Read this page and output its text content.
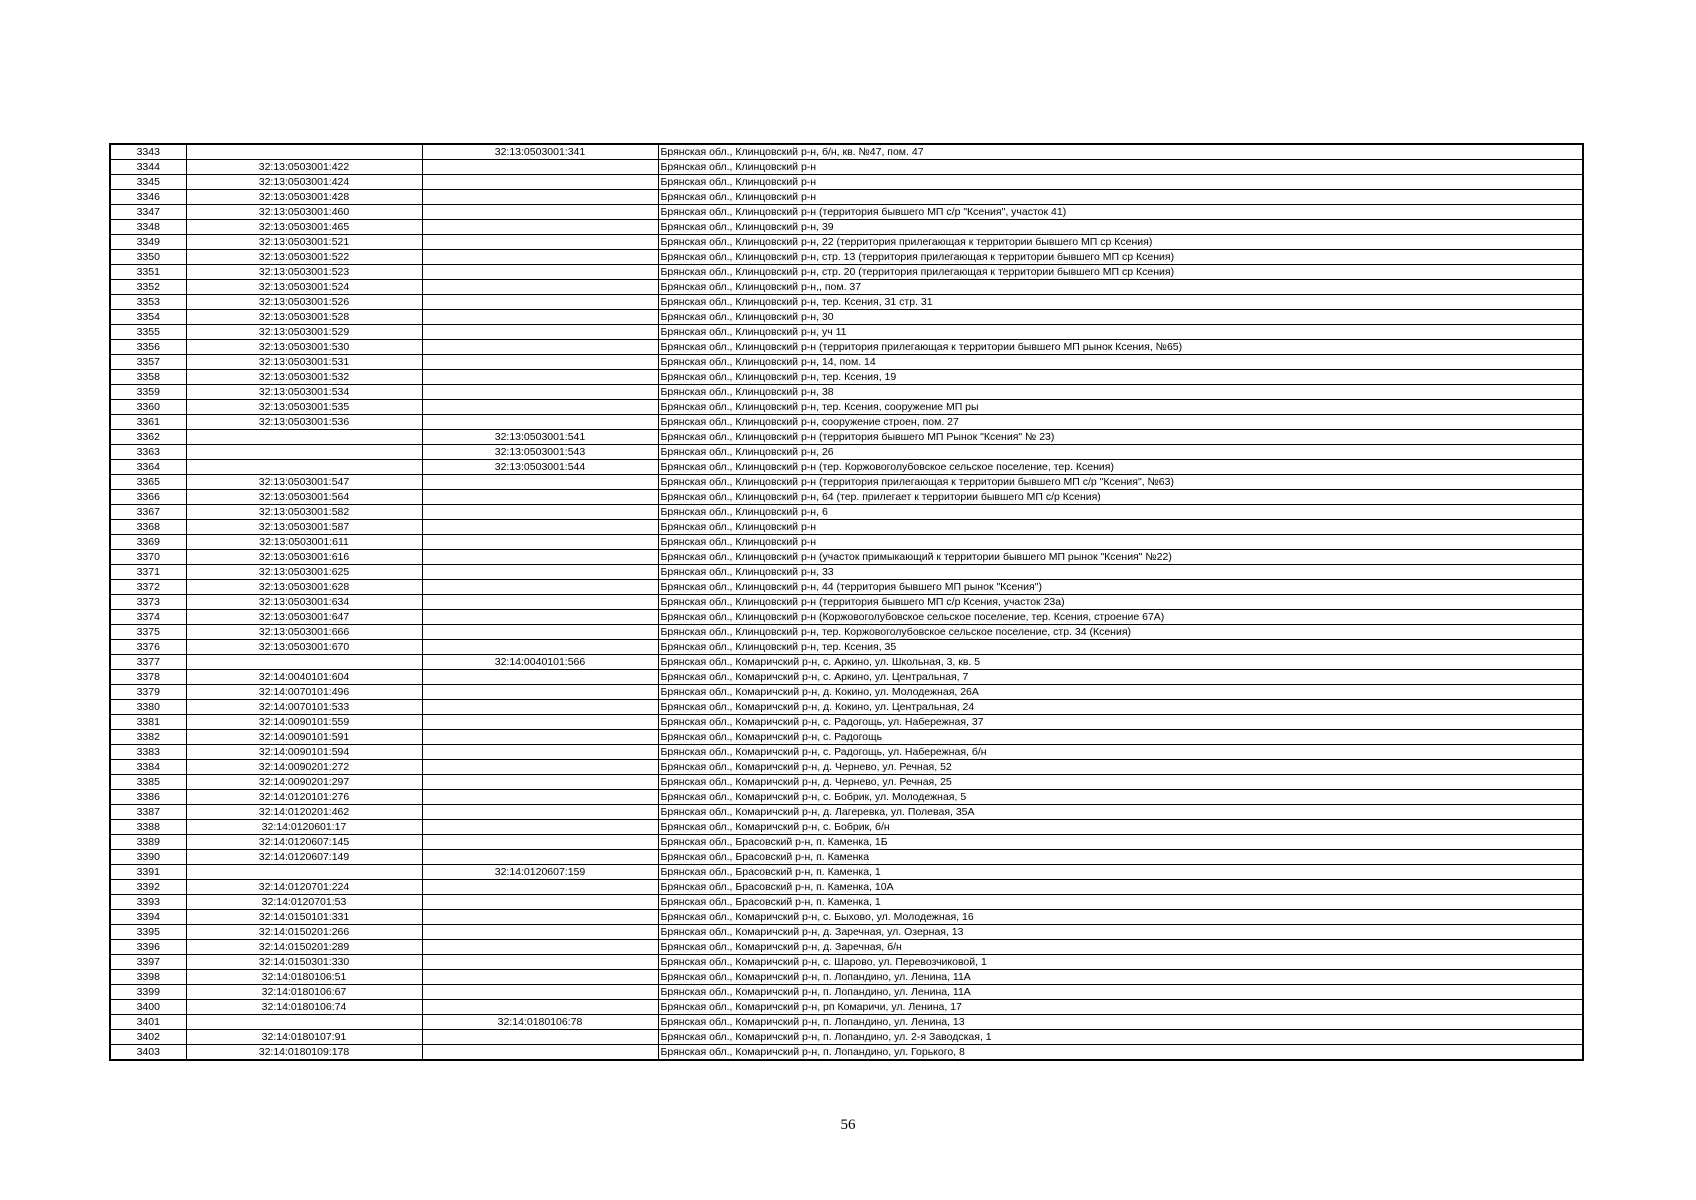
3343		32:13:0503001:341	Брянская обл., Клинцовский р-н, б/н, кв. №47, пом. 47
3344	32:13:0503001:422		Брянская обл., Клинцовский р-н
3345	32:13:0503001:424		Брянская обл., Клинцовский р-н
3346	32:13:0503001:428		Брянская обл., Клинцовский р-н
3347	32:13:0503001:460		Брянская обл., Клинцовский р-н (территория бывшего МП с/р "Ксения", участок 41)
3348	32:13:0503001:465		Брянская обл., Клинцовский р-н, 39
3349	32:13:0503001:521		Брянская обл., Клинцовский р-н, 22 (территория прилегающая к территории бывшего МП ср Ксения)
3350	32:13:0503001:522		Брянская обл., Клинцовский р-н, стр. 13 (территория прилегающая к территории бывшего МП ср Ксения)
3351	32:13:0503001:523		Брянская обл., Клинцовский р-н, стр. 20 (территория прилегающая к территории бывшего МП ср Ксения)
3352	32:13:0503001:524		Брянская обл., Клинцовский р-н,, пом. 37
3353	32:13:0503001:526		Брянская обл., Клинцовский р-н, тер. Ксения, 31 стр. 31
3354	32:13:0503001:528		Брянская обл., Клинцовский р-н, 30
3355	32:13:0503001:529		Брянская обл., Клинцовский р-н, уч 11
3356	32:13:0503001:530		Брянская обл., Клинцовский р-н (территория прилегающая к территории бывшего МП рынок Ксения, №65)
3357	32:13:0503001:531		Брянская обл., Клинцовский р-н, 14, пом. 14
3358	32:13:0503001:532		Брянская обл., Клинцовский р-н, тер. Ксения, 19
3359	32:13:0503001:534		Брянская обл., Клинцовский р-н, 38
3360	32:13:0503001:535		Брянская обл., Клинцовский р-н, тер. Ксения, сооружение МП ры
3361	32:13:0503001:536		Брянская обл., Клинцовский р-н, сооружение строен, пом. 27
3362		32:13:0503001:541	Брянская обл., Клинцовский р-н (территория бывшего МП Рынок "Ксения" № 23)
3363		32:13:0503001:543	Брянская обл., Клинцовский р-н, 26
3364		32:13:0503001:544	Брянская обл., Клинцовский р-н (тер. Коржовоголубовское сельское поселение, тер. Ксения)
3365	32:13:0503001:547		Брянская обл., Клинцовский р-н (территория прилегающая к территории бывшего МП с/р "Ксения", №63)
3366	32:13:0503001:564		Брянская обл., Клинцовский р-н, 64 (тер. прилегает к территории бывшего МП с/р Ксения)
3367	32:13:0503001:582		Брянская обл., Клинцовский р-н, 6
3368	32:13:0503001:587		Брянская обл., Клинцовский р-н
3369	32:13:0503001:611		Брянская обл., Клинцовский р-н
3370	32:13:0503001:616		Брянская обл., Клинцовский р-н (участок примыкающий к территории бывшего МП рынок "Ксения" №22)
3371	32:13:0503001:625		Брянская обл., Клинцовский р-н, 33
3372	32:13:0503001:628		Брянская обл., Клинцовский р-н, 44 (территория бывшего МП рынок "Ксения")
3373	32:13:0503001:634		Брянская обл., Клинцовский р-н (территория бывшего МП с/р Ксения, участок 23а)
3374	32:13:0503001:647		Брянская обл., Клинцовский р-н (Коржовоголубовское сельское поселение, тер. Ксения, строение 67А)
3375	32:13:0503001:666		Брянская обл., Клинцовский р-н, тер. Коржовоголубовское сельское поселение, стр. 34 (Ксения)
3376	32:13:0503001:670		Брянская обл., Клинцовский р-н, тер. Ксения, 35
3377		32:14:0040101:566	Брянская обл., Комаричский р-н, с. Аркино, ул. Школьная, 3, кв. 5
3378	32:14:0040101:604		Брянская обл., Комаричский р-н, с. Аркино, ул. Центральная, 7
3379	32:14:0070101:496		Брянская обл., Комаричский р-н, д. Кокино, ул. Молодежная, 26А
3380	32:14:0070101:533		Брянская обл., Комаричский р-н, д. Кокино, ул. Центральная, 24
3381	32:14:0090101:559		Брянская обл., Комаричский р-н, с. Радогощь, ул. Набережная, 37
3382	32:14:0090101:591		Брянская обл., Комаричский р-н, с. Радогощь
3383	32:14:0090101:594		Брянская обл., Комаричский р-н, с. Радогощь, ул. Набережная, б/н
3384	32:14:0090201:272		Брянская обл., Комаричский р-н, д. Чернево, ул. Речная, 52
3385	32:14:0090201:297		Брянская обл., Комаричский р-н, д. Чернево, ул. Речная, 25
3386	32:14:0120101:276		Брянская обл., Комаричский р-н, с. Бобрик, ул. Молодежная, 5
3387	32:14:0120201:462		Брянская обл., Комаричский р-н, д. Лагеревка, ул. Полевая, 35А
3388	32:14:0120601:17		Брянская обл., Комаричский р-н, с. Бобрик, б/н
3389	32:14:0120607:145		Брянская обл., Брасовский р-н, п. Каменка, 1Б
3390	32:14:0120607:149		Брянская обл., Брасовский р-н, п. Каменка
3391		32:14:0120607:159	Брянская обл., Брасовский р-н, п. Каменка, 1
3392	32:14:0120701:224		Брянская обл., Брасовский р-н, п. Каменка, 10А
3393	32:14:0120701:53		Брянская обл., Брасовский р-н, п. Каменка, 1
3394	32:14:0150101:331		Брянская обл., Комаричский р-н, с. Быхово, ул. Молодежная, 16
3395	32:14:0150201:266		Брянская обл., Комаричский р-н, д. Заречная, ул. Озерная, 13
3396	32:14:0150201:289		Брянская обл., Комаричский р-н, д. Заречная, б/н
3397	32:14:0150301:330		Брянская обл., Комаричский р-н, с. Шарово, ул. Перевозчиковой, 1
3398	32:14:0180106:51		Брянская обл., Комаричский р-н, п. Лопандино, ул. Ленина, 11А
3399	32:14:0180106:67		Брянская обл., Комаричский р-н, п. Лопандино, ул. Ленина, 11А
3400	32:14:0180106:74		Брянская обл., Комаричский р-н, рп Комаричи, ул. Ленина, 17
3401		32:14:0180106:78	Брянская обл., Комаричский р-н, п. Лопандино, ул. Ленина, 13
3402	32:14:0180107:91		Брянская обл., Комаричский р-н, п. Лопандино, ул. 2-я Заводская, 1
3403	32:14:0180109:178		Брянская обл., Комаричский р-н, п. Лопандино, ул. Горького, 8
56
